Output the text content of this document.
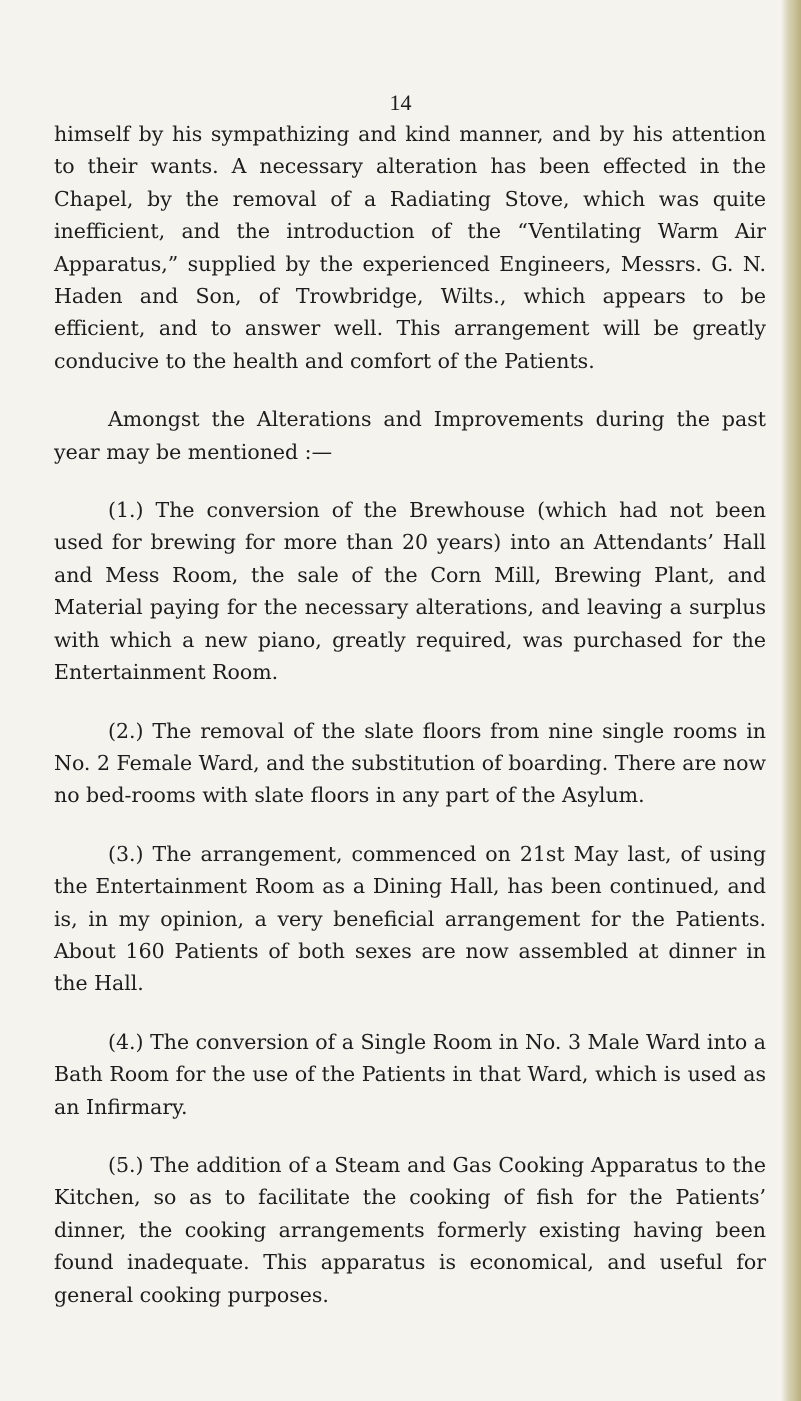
14

himself by his sympathizing and kind manner, and by his attention to their wants. A necessary alteration has been effected in the Chapel, by the removal of a Radiating Stove, which was quite inefficient, and the introduction of the “Ventilating Warm Air Apparatus,” supplied by the experienced Engineers, Messrs. G. N. Haden and Son, of Trowbridge, Wilts., which appears to be efficient, and to answer well. This arrangement will be greatly conducive to the health and comfort of the Patients.

Amongst the Alterations and Improvements during the past year may be mentioned :—

(1.) The conversion of the Brewhouse (which had not been used for brewing for more than 20 years) into an Attendants’ Hall and Mess Room, the sale of the Corn Mill, Brewing Plant, and Material paying for the necessary alterations, and leaving a surplus with which a new piano, greatly required, was purchased for the Entertainment Room.

(2.) The removal of the slate floors from nine single rooms in No. 2 Female Ward, and the substitution of boarding. There are now no bed-rooms with slate floors in any part of the Asylum.

(3.) The arrangement, commenced on 21st May last, of using the Entertainment Room as a Dining Hall, has been continued, and is, in my opinion, a very beneficial arrangement for the Patients. About 160 Patients of both sexes are now assembled at dinner in the Hall.

(4.) The conversion of a Single Room in No. 3 Male Ward into a Bath Room for the use of the Patients in that Ward, which is used as an Infirmary.

(5.) The addition of a Steam and Gas Cooking Apparatus to the Kitchen, so as to facilitate the cooking of fish for the Patients’ dinner, the cooking arrangements formerly existing having been found inadequate. This apparatus is economical, and useful for general cooking purposes.
